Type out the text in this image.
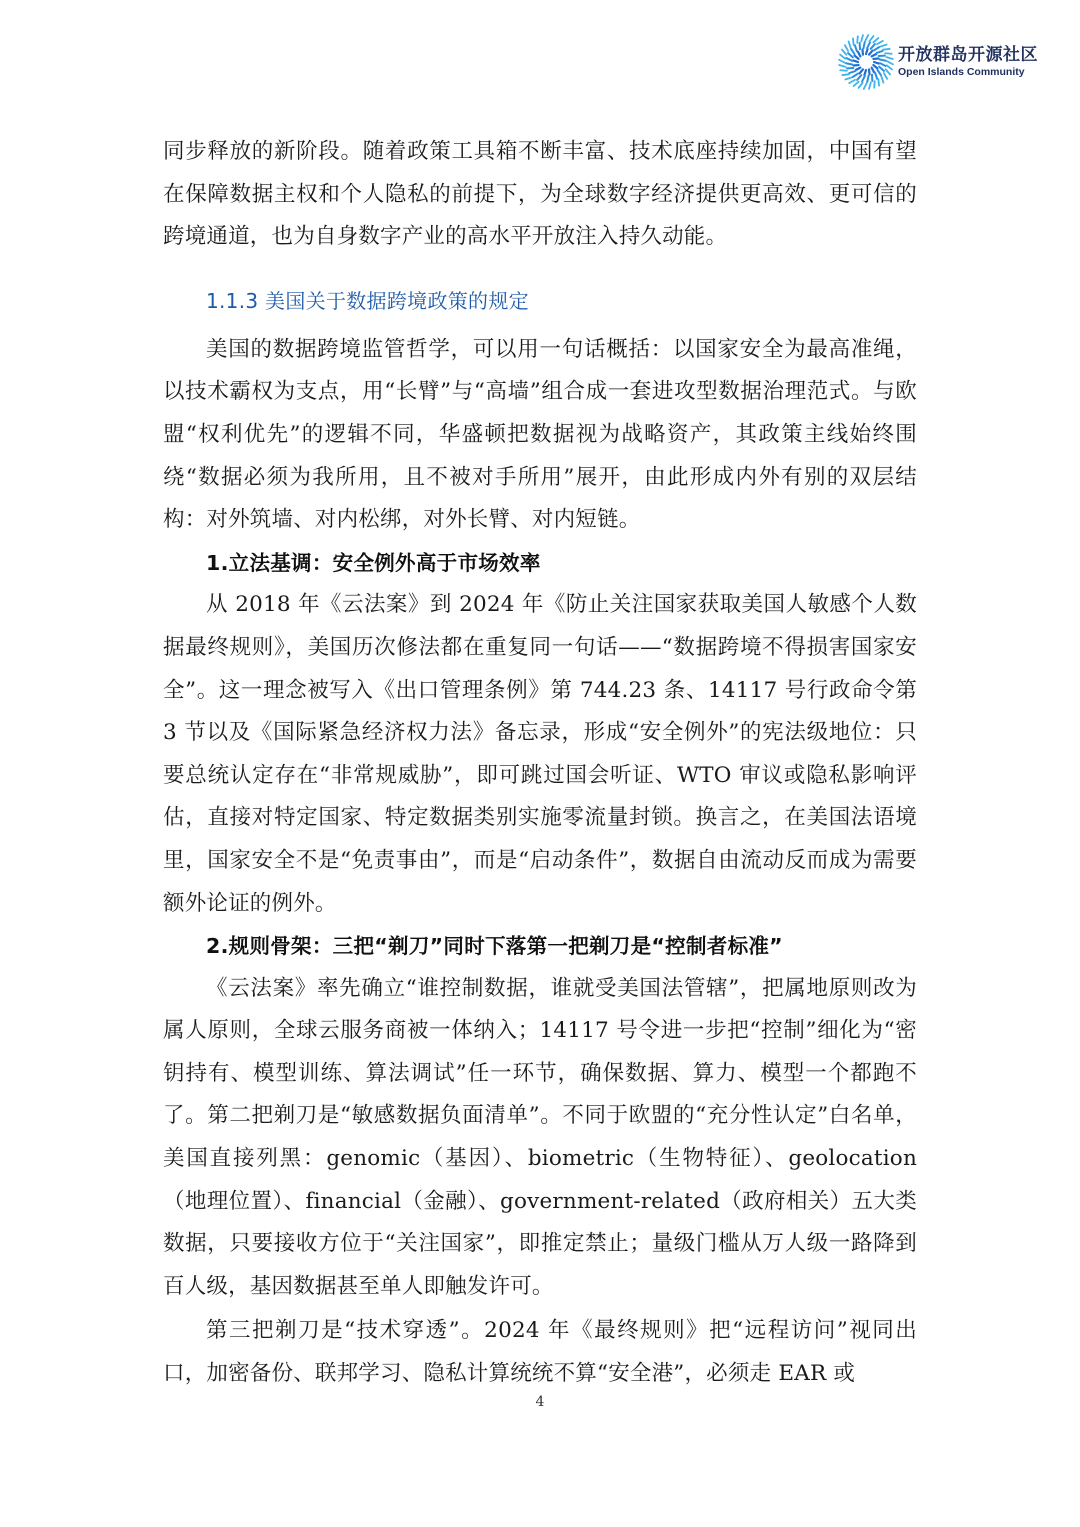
开放群岛开源社区
Open Islands Community

同步释放的新阶段。随着政策工具箱不断丰富、技术底座持续加固，中国有望在保障数据主权和个人隐私的前提下，为全球数字经济提供更高效、更可信的跨境通道，也为自身数字产业的高水平开放注入持久动能。

1.1.3 美国关于数据跨境政策的规定

美国的数据跨境监管哲学，可以用一句话概括：以国家安全为最高准绳，以技术霸权为支点，用“长臂”与“高墙”组合成一套进攻型数据治理范式。与欧盟“权利优先”的逻辑不同，华盛顿把数据视为战略资产，其政策主线始终围绕“数据必须为我所用，且不被对手所用”展开，由此形成内外有别的双层结构：对外筑墙、对内松绑，对外长臂、对内短链。

1.立法基调：安全例外高于市场效率

从 2018 年《云法案》到 2024 年《防止关注国家获取美国人敏感个人数据最终规则》，美国历次修法都在重复同一句话——“数据跨境不得损害国家安全”。这一理念被写入《出口管理条例》第 744.23 条、14117 号行政命令第 3 节以及《国际紧急经济权力法》备忘录，形成“安全例外”的宪法级地位：只要总统认定存在“非常规威胁”，即可跳过国会听证、WTO 审议或隐私影响评估，直接对特定国家、特定数据类别实施零流量封锁。换言之，在美国法语境里，国家安全不是“免责事由”，而是“启动条件”，数据自由流动反而成为需要额外论证的例外。

2.规则骨架：三把“剃刀”同时下落第一把剃刀是“控制者标准”

《云法案》率先确立“谁控制数据，谁就受美国法管辖”，把属地原则改为属人原则，全球云服务商被一体纳入；14117 号令进一步把“控制”细化为“密钥持有、模型训练、算法调试”任一环节，确保数据、算力、模型一个都跑不了。第二把剃刀是“敏感数据负面清单”。不同于欧盟的“充分性认定”白名单，美国直接列黑：genomic（基因）、biometric（生物特征）、geolocation（地理位置）、financial（金融）、government-related（政府相关）五大类数据，只要接收方位于“关注国家”，即推定禁止；量级门槛从万人级一路降到百人级，基因数据甚至单人即触发许可。

第三把剃刀是“技术穿透”。2024 年《最终规则》把“远程访问”视同出口，加密备份、联邦学习、隐私计算统统不算“安全港”，必须走 EAR 或

4
